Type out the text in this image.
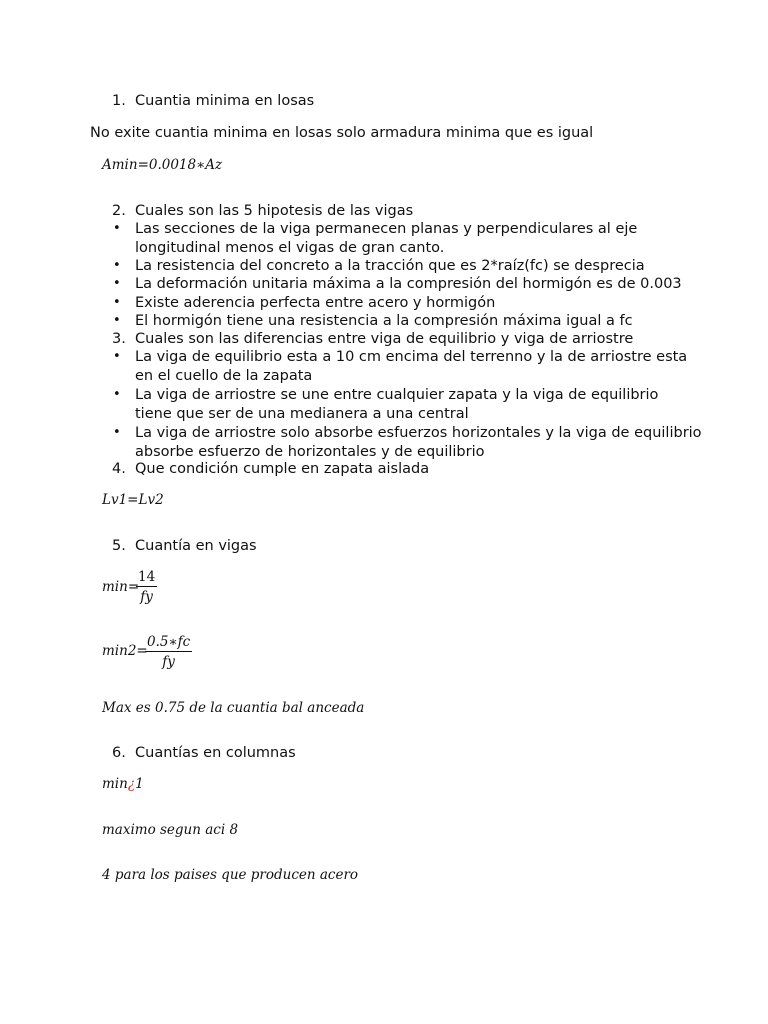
1. Cuantia minima en losas
No exite cuantia minima en losas solo armadura minima que es igual
Amin=0.0018∗Az
2. Cuales son las 5 hipotesis de las vigas
• Las secciones de la viga permanecen planas y perpendiculares al eje
longitudinal menos el vigas de gran canto.
• La resistencia del concreto a la tracción que es 2*raíz(fc) se desprecia
• La deformación unitaria máxima a la compresión del hormigón es de 0.003
• Existe aderencia perfecta entre acero y hormigón
• El hormigón tiene una resistencia a la compresión máxima igual a fc
3. Cuales son las diferencias entre viga de equilibrio y viga de arriostre
• La viga de equilibrio esta a 10 cm encima del terrenno y la de arriostre esta
en el cuello de la zapata
• La viga de arriostre se une entre cualquier zapata y la viga de equilibrio
tiene que ser de una medianera a una central
• La viga de arriostre solo absorbe esfuerzos horizontales y la viga de equilibrio
absorbe esfuerzo de horizontales y de equilibrio
4. Que condición cumple en zapata aislada
Lv1=Lv2
5. Cuantía en vigas
min=
14
fy
min2=
0.5∗fc
fy
Max es 0.75 de la cuantia bal anceada
6. Cuantías en columnas
min¿1
maximo segun aci 8
4 para los paises que producen acero
